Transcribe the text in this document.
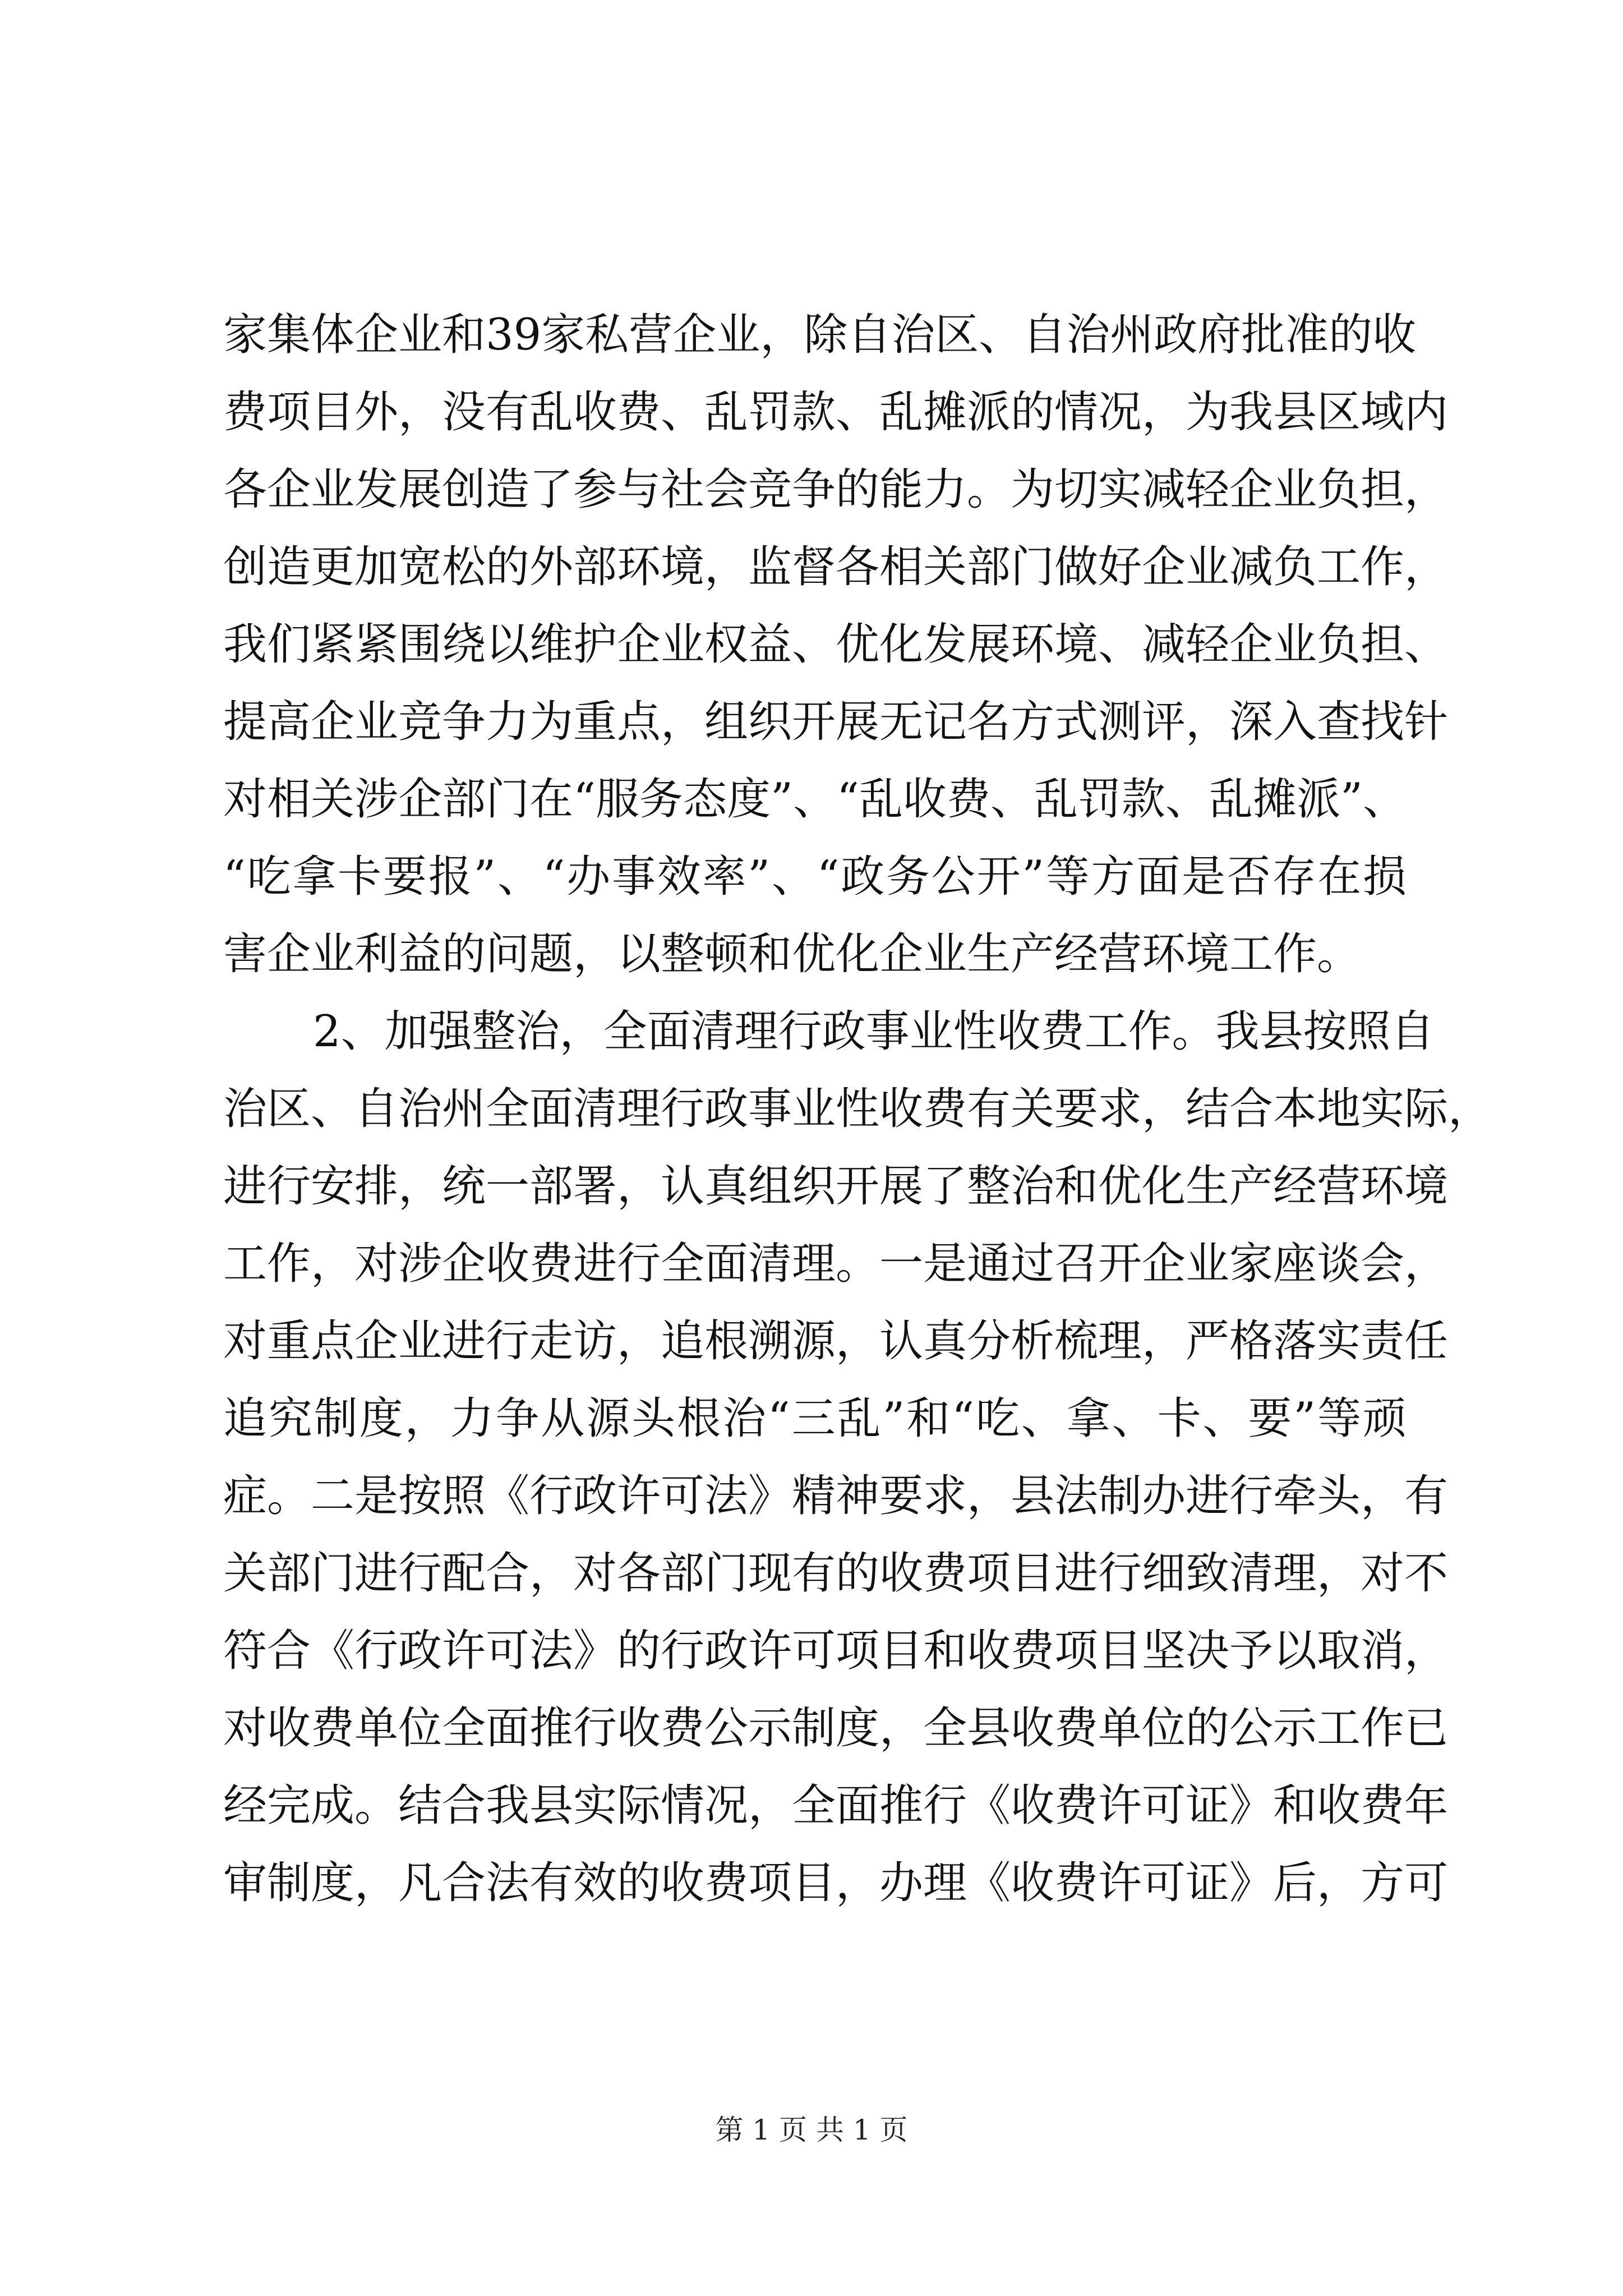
家集体企业和39家私营企业，除自治区、自治州政府批准的收
费项目外，没有乱收费、乱罚款、乱摊派的情况，为我县区域内
各企业发展创造了参与社会竞争的能力。为切实减轻企业负担，
创造更加宽松的外部环境，监督各相关部门做好企业减负工作，
我们紧紧围绕以维护企业权益、优化发展环境、减轻企业负担、
提高企业竞争力为重点，组织开展无记名方式测评，深入查找针
对相关涉企部门在“服务态度”、“乱收费、乱罚款、乱摊派”、
“吃拿卡要报”、“办事效率”、“政务公开”等方面是否存在损
害企业利益的问题，以整顿和优化企业生产经营环境工作。
2、加强整治，全面清理行政事业性收费工作。我县按照自
治区、自治州全面清理行政事业性收费有关要求，结合本地实际，
进行安排，统一部署，认真组织开展了整治和优化生产经营环境
工作，对涉企收费进行全面清理。一是通过召开企业家座谈会，
对重点企业进行走访，追根溯源，认真分析梳理，严格落实责任
追究制度，力争从源头根治“三乱”和“吃、拿、卡、要”等顽
症。二是按照《行政许可法》精神要求，县法制办进行牵头，有
关部门进行配合，对各部门现有的收费项目进行细致清理，对不
符合《行政许可法》的行政许可项目和收费项目坚决予以取消，
对收费单位全面推行收费公示制度，全县收费单位的公示工作已
经完成。结合我县实际情况，全面推行《收费许可证》和收费年
审制度，凡合法有效的收费项目，办理《收费许可证》后，方可
第 1 页 共 1 页
